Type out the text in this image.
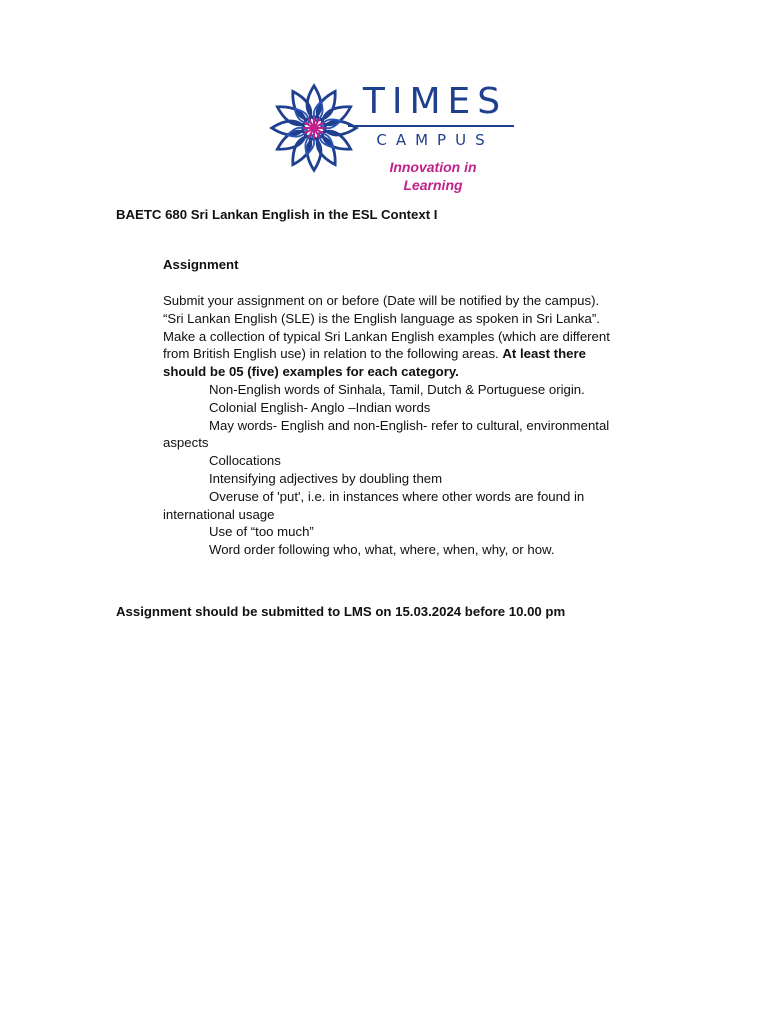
TIMES
CAMPUS
Innovation in Learning
BAETC 680 Sri Lankan English in the ESL Context I
Assignment
Submit your assignment on or before (Date will be notified by the campus).
“Sri Lankan English (SLE) is the English language as spoken in Sri Lanka”.
Make a collection of typical Sri Lankan English examples (which are different
from British English use) in relation to the following areas. At least there
should be 05 (five) examples for each category.
Non-English words of Sinhala, Tamil, Dutch & Portuguese origin.
Colonial English- Anglo –Indian words
May words- English and non-English- refer to cultural, environmental
aspects
Collocations
Intensifying adjectives by doubling them
Overuse of 'put', i.e. in instances where other words are found in
international usage
Use of “too much”
Word order following who, what, where, when, why, or how.
Assignment should be submitted to LMS on 15.03.2024 before 10.00 pm
